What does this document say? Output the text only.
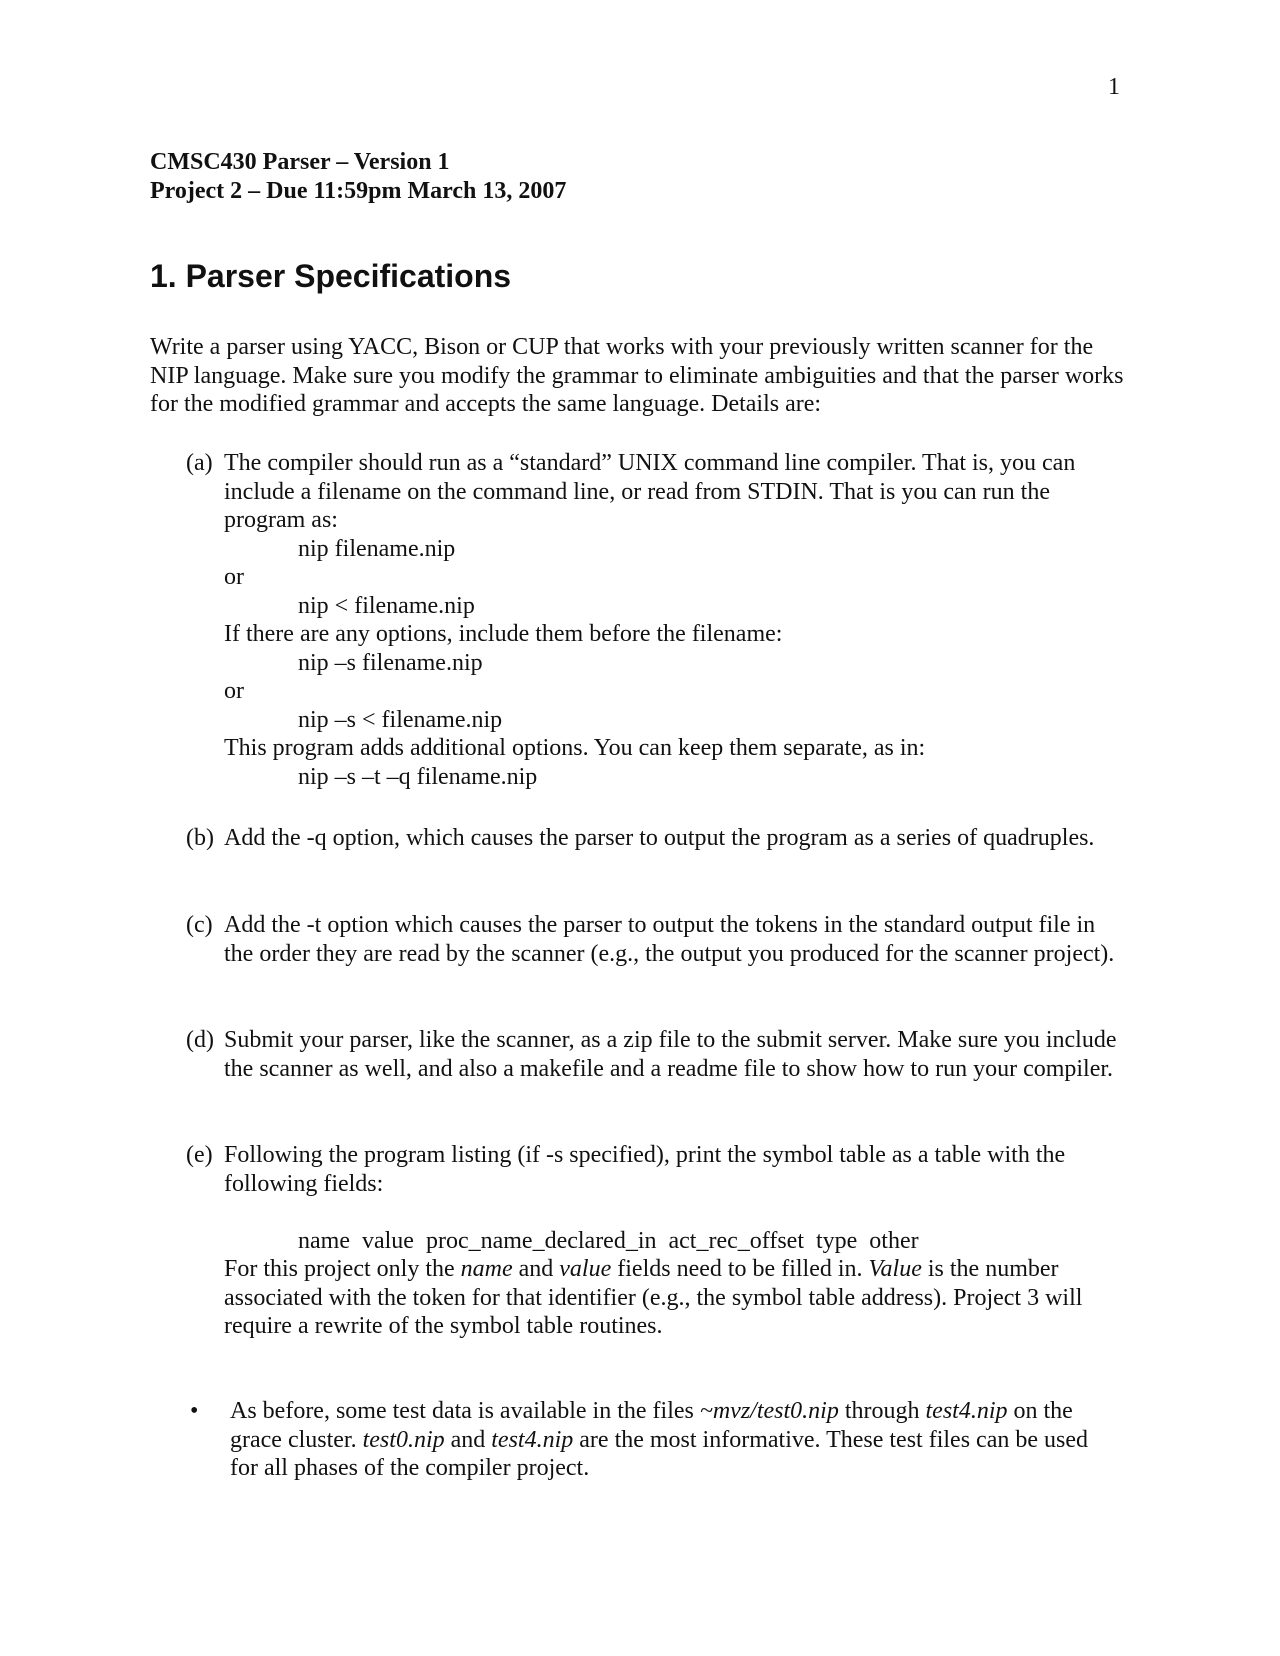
1
CMSC430 Parser – Version 1
Project 2 – Due 11:59pm March 13, 2007
1. Parser Specifications
Write a parser using YACC, Bison or CUP that works with your previously written scanner for the NIP language. Make sure you modify the grammar to eliminate ambiguities and that the parser works for the modified grammar and accepts the same language. Details are:
(a) The compiler should run as a “standard” UNIX command line compiler. That is, you can include a filename on the command line, or read from STDIN. That is you can run the program as:
nip filename.nip
or
nip < filename.nip
If there are any options, include them before the filename:
nip –s filename.nip
or
nip –s < filename.nip
This program adds additional options. You can keep them separate, as in:
nip –s –t –q filename.nip
(b) Add the -q option, which causes the parser to output the program as a series of quadruples.
(c) Add the -t option which causes the parser to output the tokens in the standard output file in the order they are read by the scanner (e.g., the output you produced for the scanner project).
(d) Submit your parser, like the scanner, as a zip file to the submit server. Make sure you include the scanner as well, and also a makefile and a readme file to show how to run your compiler.
(e) Following the program listing (if -s specified), print the symbol table as a table with the following fields:
name  value  proc_name_declared_in  act_rec_offset  type  other
For this project only the name and value fields need to be filled in. Value is the number associated with the token for that identifier (e.g., the symbol table address). Project 3 will require a rewrite of the symbol table routines.
• As before, some test data is available in the files ~mvz/test0.nip through test4.nip on the grace cluster. test0.nip and test4.nip are the most informative. These test files can be used for all phases of the compiler project.
